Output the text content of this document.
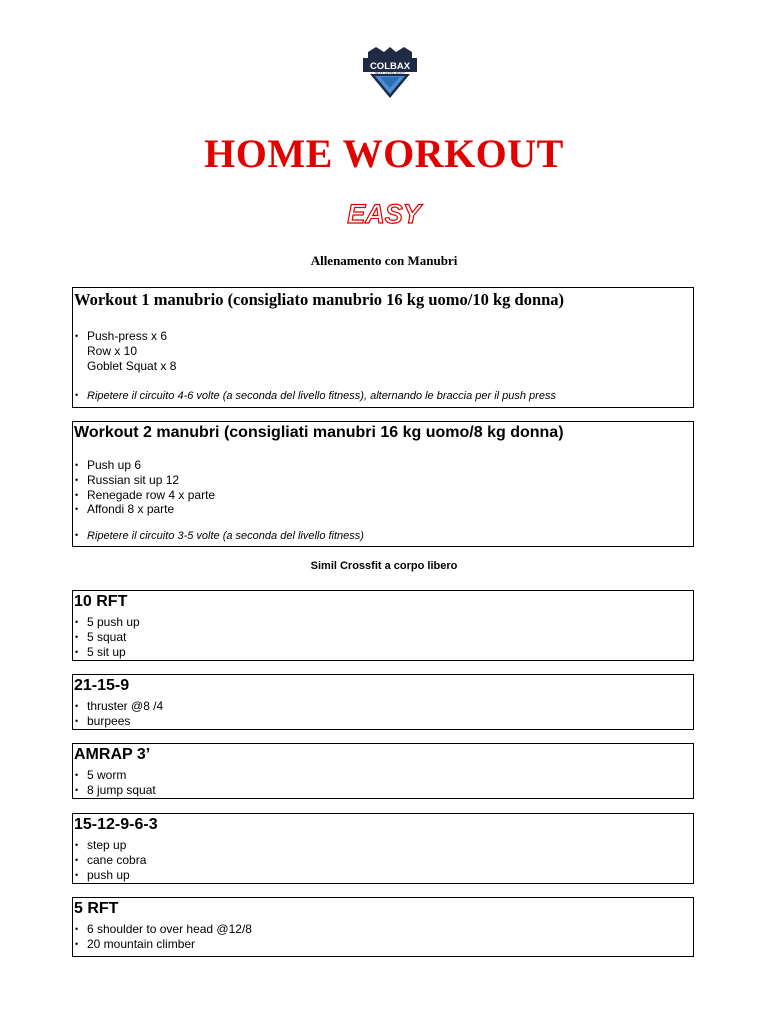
COLBAX
NEXT LEVEL BODY
HOME WORKOUT
EASY
Allenamento con Manubri
Workout 1 manubrio (consigliato manubrio 16 kg uomo/10 kg donna)
• Push-press x 6
Row x 10
Goblet Squat x 8
• Ripetere il circuito 4-6 volte (a seconda del livello fitness), alternando le braccia per il push press
Workout 2 manubri (consigliati manubri 16 kg uomo/8 kg donna)
• Push up 6
• Russian sit up 12
• Renegade row 4 x parte
• Affondi 8 x parte
• Ripetere il circuito 3-5 volte (a seconda del livello fitness)
Simil Crossfit a corpo libero
10 RFT
• 5 push up
• 5 squat
• 5 sit up
21-15-9
• thruster @8 /4
• burpees
AMRAP 3’
• 5 worm
• 8 jump squat
15-12-9-6-3
• step up
• cane cobra
• push up
5 RFT
• 6 shoulder to over head @12/8
• 20 mountain climber
